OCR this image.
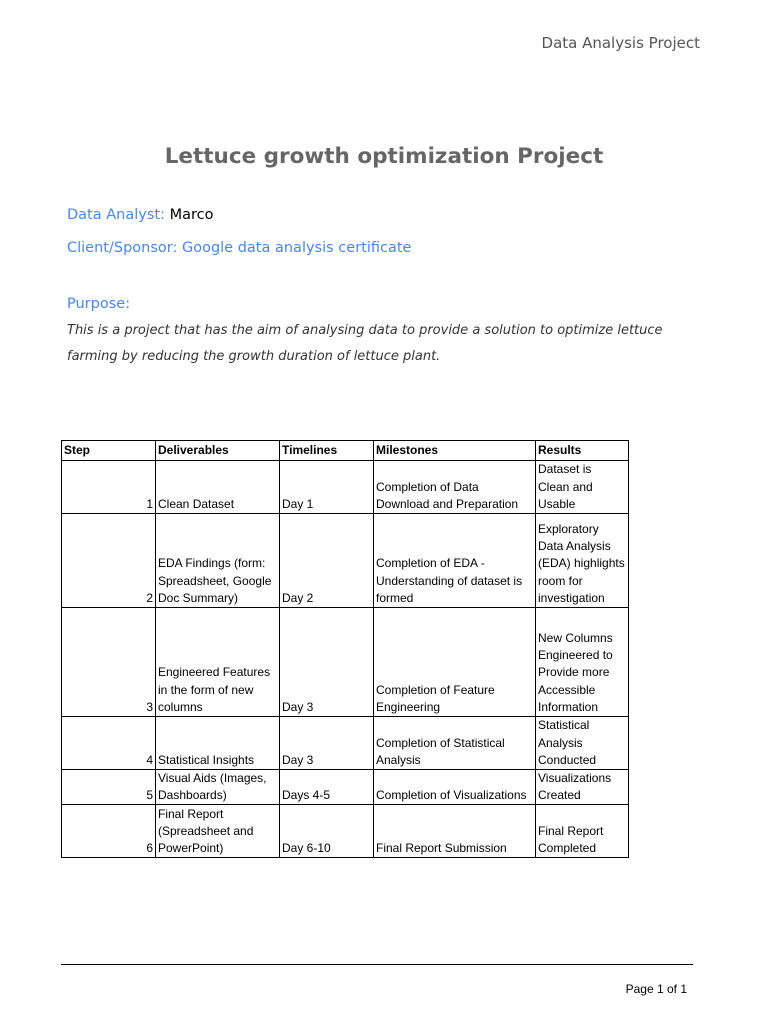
Data Analysis Project
Lettuce growth optimization Project
Data Analyst: Marco
Client/Sponsor: Google data analysis certificate
Purpose:
This is a project that has the aim of analysing data to provide a solution to optimize lettuce farming by reducing the growth duration of lettuce plant.
Step	Deliverables	Timelines	Milestones	Results
1	Clean Dataset	Day 1	Completion of Data Download and Preparation	Dataset is Clean and Usable
2	EDA Findings (form: Spreadsheet, Google Doc Summary)	Day 2	Completion of EDA - Understanding of dataset is formed	Exploratory Data Analysis (EDA) highlights room for investigation
3	Engineered Features in the form of new columns	Day 3	Completion of Feature Engineering	New Columns Engineered to Provide more Accessible Information
4	Statistical Insights	Day 3	Completion of Statistical Analysis	Statistical Analysis Conducted
5	Visual Aids (Images, Dashboards)	Days 4-5	Completion of Visualizations	Visualizations Created
6	Final Report (Spreadsheet and PowerPoint)	Day 6-10	Final Report Submission	Final Report Completed
Page 1 of 1
